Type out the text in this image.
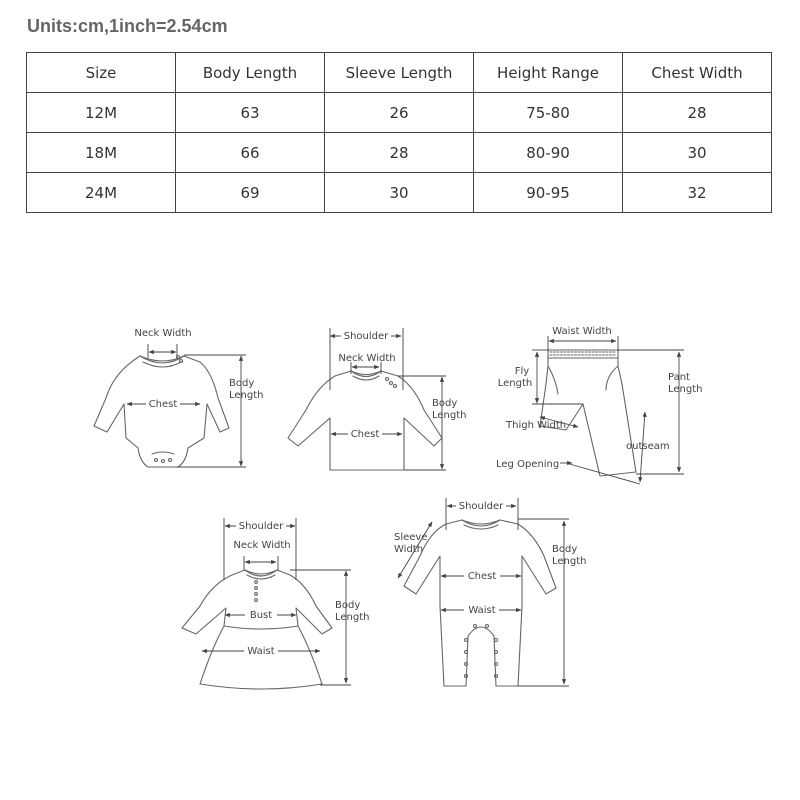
Units:cm,1inch=2.54cm
Size	Body Length	Sleeve Length	Height Range	Chest Width
12M	63	26	75-80	28
18M	66	28	80-90	30
24M	69	30	90-95	32
Neck Width
Body
Length
Chest
Shoulder
Neck Width
Body
Length
Chest
Waist Width
Fly
Length
Pant
Length
Thigh Width
outseam
Leg Opening
Shoulder
Neck Width
Body
Length
Bust
Waist
Shoulder
Sleeve
Width	Body
Length
Chest
Waist
